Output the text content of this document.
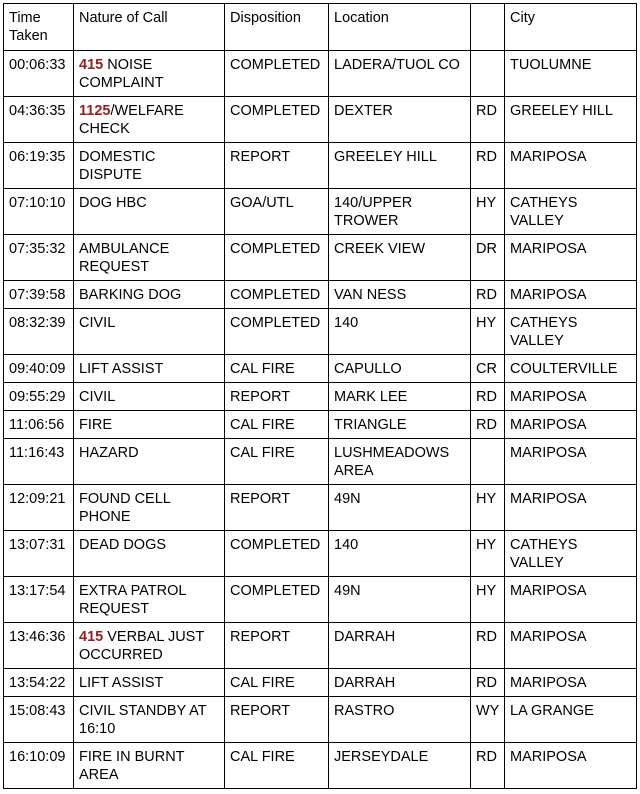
Time Taken	Nature of Call	Disposition	Location		City
00:06:33	415 NOISE COMPLAINT	COMPLETED	LADERA/TUOL CO		TUOLUMNE
04:36:35	1125/WELFARE CHECK	COMPLETED	DEXTER	RD	GREELEY HILL
06:19:35	DOMESTIC DISPUTE	REPORT	GREELEY HILL	RD	MARIPOSA
07:10:10	DOG HBC	GOA/UTL	140/UPPER TROWER	HY	CATHEYS VALLEY
07:35:32	AMBULANCE REQUEST	COMPLETED	CREEK VIEW	DR	MARIPOSA
07:39:58	BARKING DOG	COMPLETED	VAN NESS	RD	MARIPOSA
08:32:39	CIVIL	COMPLETED	140	HY	CATHEYS VALLEY
09:40:09	LIFT ASSIST	CAL FIRE	CAPULLO	CR	COULTERVILLE
09:55:29	CIVIL	REPORT	MARK LEE	RD	MARIPOSA
11:06:56	FIRE	CAL FIRE	TRIANGLE	RD	MARIPOSA
11:16:43	HAZARD	CAL FIRE	LUSHMEADOWS AREA		MARIPOSA
12:09:21	FOUND CELL PHONE	REPORT	49N	HY	MARIPOSA
13:07:31	DEAD DOGS	COMPLETED	140	HY	CATHEYS VALLEY
13:17:54	EXTRA PATROL REQUEST	COMPLETED	49N	HY	MARIPOSA
13:46:36	415 VERBAL JUST OCCURRED	REPORT	DARRAH	RD	MARIPOSA
13:54:22	LIFT ASSIST	CAL FIRE	DARRAH	RD	MARIPOSA
15:08:43	CIVIL STANDBY AT 16:10	REPORT	RASTRO	WY	LA GRANGE
16:10:09	FIRE IN BURNT AREA	CAL FIRE	JERSEYDALE	RD	MARIPOSA
